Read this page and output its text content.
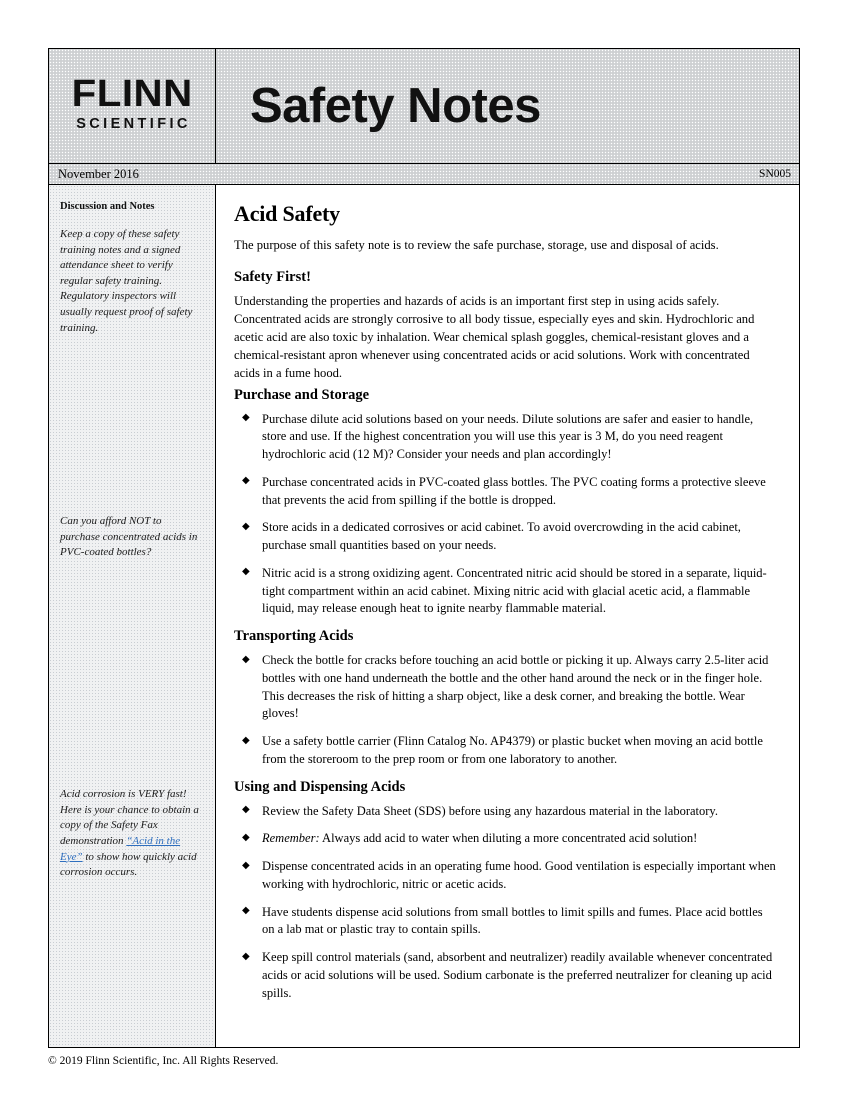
FLINN
SCIENTIFIC Safety Notes
November 2016	SN005
Discussion and Notes
Keep a copy of these safety training notes and a signed attendance sheet to verify regular safety training. Regulatory inspectors will usually request proof of safety training.
Can you afford NOT to purchase concentrated acids in PVC-coated bottles?
Acid corrosion is VERY fast! Here is your chance to obtain a copy of the Safety Fax demonstration “Acid in the Eye” to show how quickly acid corrosion occurs.
Acid Safety

The purpose of this safety note is to review the safe purchase, storage, use and disposal of acids.

Safety First!

Understanding the properties and hazards of acids is an important first step in using acids safely. Concentrated acids are strongly corrosive to all body tissue, especially eyes and skin. Hydrochloric and acetic acid are also toxic by inhalation. Wear chemical splash goggles, chemical-resistant gloves and a chemical-resistant apron whenever using concentrated acids or acid solutions. Work with concentrated acids in a fume hood.

Purchase and Storage
◆ Purchase dilute acid solutions based on your needs. Dilute solutions are safer and easier to handle, store and use. If the highest concentration you will use this year is 3 M, do you need reagent hydrochloric acid (12 M)? Consider your needs and plan accordingly!
◆ Purchase concentrated acids in PVC-coated glass bottles. The PVC coating forms a protective sleeve that prevents the acid from spilling if the bottle is dropped.
◆ Store acids in a dedicated corrosives or acid cabinet. To avoid overcrowding in the acid cabinet, purchase small quantities based on your needs.
◆ Nitric acid is a strong oxidizing agent. Concentrated nitric acid should be stored in a separate, liquid-tight compartment within an acid cabinet. Mixing nitric acid with glacial acetic acid, a flammable liquid, may release enough heat to ignite nearby flammable material.
Transporting Acids
◆ Check the bottle for cracks before touching an acid bottle or picking it up. Always carry 2.5-liter acid bottles with one hand underneath the bottle and the other hand around the neck or in the finger hole. This decreases the risk of hitting a sharp object, like a desk corner, and breaking the bottle. Wear gloves!
◆ Use a safety bottle carrier (Flinn Catalog No. AP4379) or plastic bucket when moving an acid bottle from the storeroom to the prep room or from one laboratory to another.
Using and Dispensing Acids
◆ Review the Safety Data Sheet (SDS) before using any hazardous material in the laboratory.
◆ Remember: Always add acid to water when diluting a more concentrated acid solution!
◆ Dispense concentrated acids in an operating fume hood. Good ventilation is especially important when working with hydrochloric, nitric or acetic acids.
◆ Have students dispense acid solutions from small bottles to limit spills and fumes. Place acid bottles on a lab mat or plastic tray to contain spills.
◆ Keep spill control materials (sand, absorbent and neutralizer) readily available whenever concentrated acids or acid solutions will be used. Sodium carbonate is the preferred neutralizer for cleaning up acid spills.
© 2019 Flinn Scientific, Inc. All Rights Reserved.
